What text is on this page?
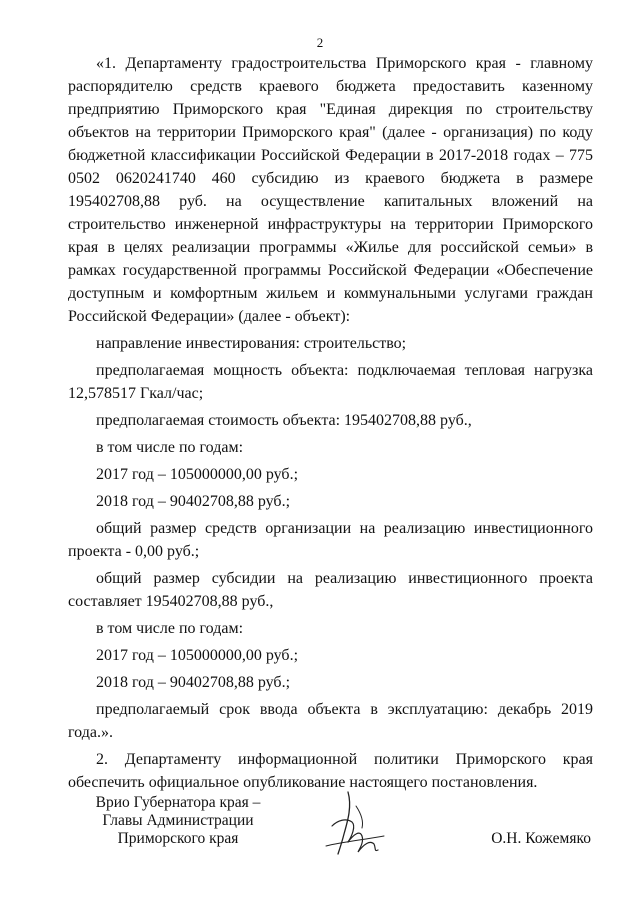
2

«1. Департаменту градостроительства Приморского края - главному распорядителю средств краевого бюджета предоставить казенному предприятию Приморского края "Единая дирекция по строительству объектов на территории Приморского края" (далее - организация) по коду бюджетной классификации Российской Федерации в 2017-2018 годах – 775 0502 0620241740 460 субсидию из краевого бюджета в размере 195402708,88 руб. на осуществление капитальных вложений на строительство инженерной инфраструктуры на территории Приморского края в целях реализации программы «Жилье для российской семьи» в рамках государственной программы Российской Федерации «Обеспечение доступным и комфортным жильем и коммунальными услугами граждан Российской Федерации» (далее - объект):

направление инвестирования: строительство;

предполагаемая мощность объекта: подключаемая тепловая нагрузка 12,578517 Гкал/час;

предполагаемая стоимость объекта: 195402708,88 руб.,

в том числе по годам:

2017 год – 105000000,00 руб.;

2018 год – 90402708,88 руб.;

общий размер средств организации на реализацию инвестиционного проекта - 0,00 руб.;

общий размер субсидии на реализацию инвестиционного проекта составляет 195402708,88 руб.,

в том числе по годам:

2017 год – 105000000,00 руб.;

2018 год – 90402708,88 руб.;

предполагаемый срок ввода объекта в эксплуатацию: декабрь 2019 года.».

2. Департаменту информационной политики Приморского края обеспечить официальное опубликование настоящего постановления.

Врио Губернатора края –
Главы Администрации
Приморского края	О.Н. Кожемяко
